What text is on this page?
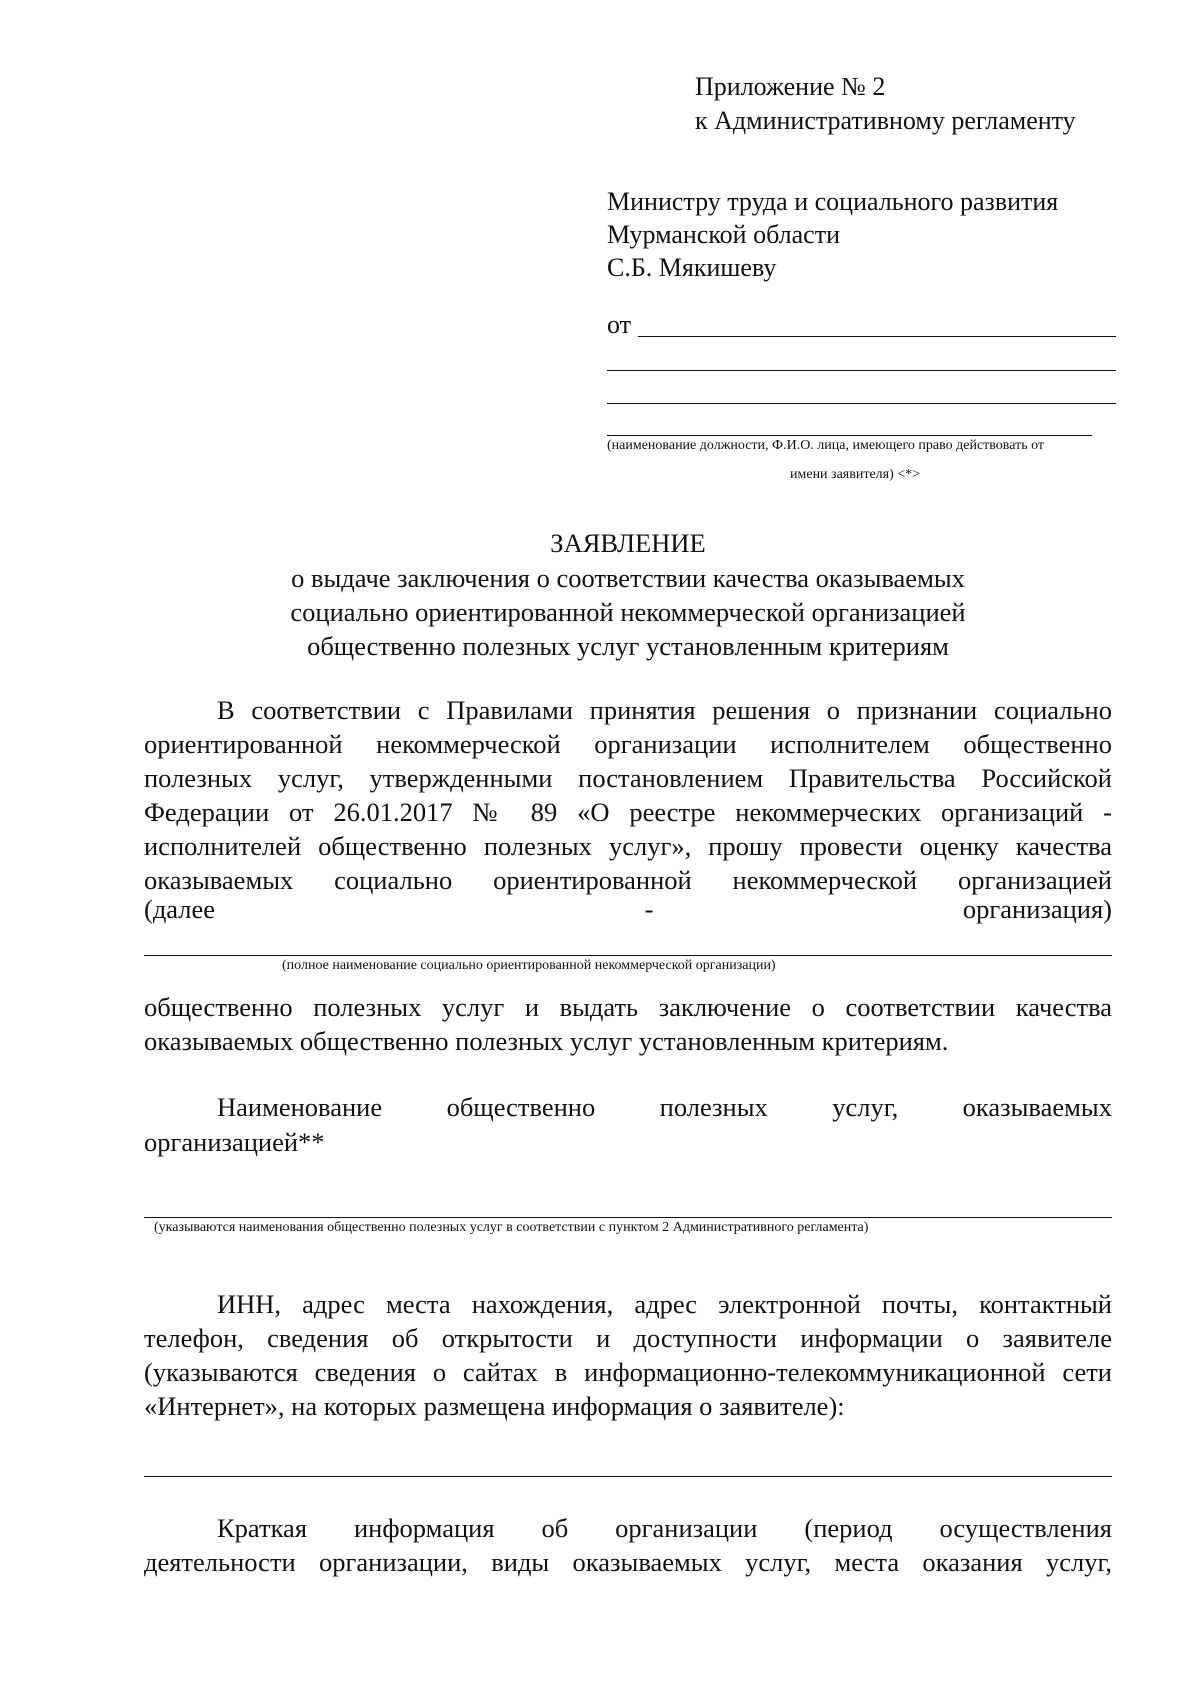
Приложение № 2
к Административному регламенту
Министру труда и социального развития
Мурманской области
С.Б. Мякишеву
от
(наименование должности, Ф.И.О. лица, имеющего право действовать от
имени заявителя) <*>
ЗАЯВЛЕНИЕ
о выдаче заключения о соответствии качества оказываемых
социально ориентированной некоммерческой организацией
общественно полезных услуг установленным критериям
В соответствии с Правилами принятия решения о признании социально
ориентированной некоммерческой организации исполнителем общественно
полезных услуг, утвержденными постановлением Правительства Российской
Федерации от 26.01.2017 № 89 «О реестре некоммерческих организаций -
исполнителей общественно полезных услуг», прошу провести оценку качества
оказываемых социально ориентированной некоммерческой организацией
(далее	-	организация)
(полное наименование социально ориентированной некоммерческой организации)
общественно полезных услуг и выдать заключение о соответствии качества
оказываемых общественно полезных услуг установленным критериям.
Наименование общественно полезных услуг, оказываемых
организацией**
(указываются наименования общественно полезных услуг в соответствии с пунктом 2 Административного регламента)
ИНН, адрес места нахождения, адрес электронной почты, контактный
телефон, сведения об открытости и доступности информации о заявителе
(указываются сведения о сайтах в информационно-телекоммуникационной сети
«Интернет», на которых размещена информация о заявителе):
Краткая информация об организации (период осуществления
деятельности организации, виды оказываемых услуг, места оказания услуг,
